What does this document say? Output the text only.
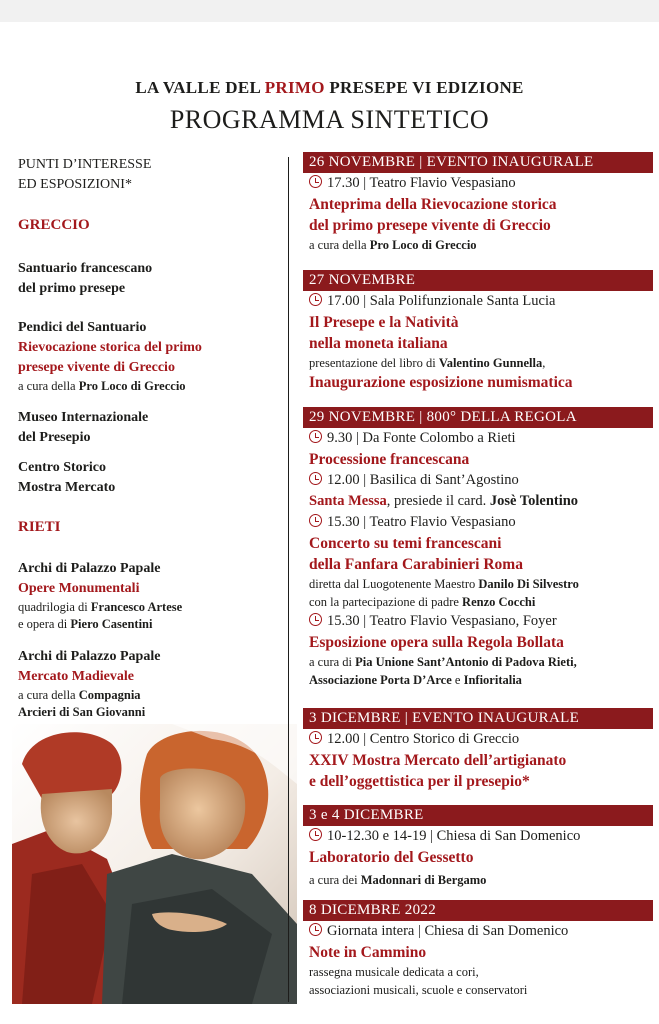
LA VALLE DEL PRIMO PRESEPE VI EDIZIONE
PROGRAMMA SINTETICO
PUNTI D’INTERESSE
ED ESPOSIZIONI*
GRECCIO
Santuario francescano
del primo presepe
Pendici del Santuario
Rievocazione storica del primo
presepe vivente di Greccio
a cura della Pro Loco di Greccio
Museo Internazionale
del Presepio
Centro Storico
Mostra Mercato
RIETI
Archi di Palazzo Papale
Opere Monumentali
quadrilogia di Francesco Artese
e opera di Piero Casentini
Archi di Palazzo Papale
Mercato Madievale
a cura della Compagnia
Arcieri di San Giovanni
26 NOVEMBRE | EVENTO INAUGURALE
17.30 | Teatro Flavio Vespasiano
Anteprima della Rievocazione storica
del primo presepe vivente di Greccio
a cura della Pro Loco di Greccio
27 NOVEMBRE
17.00 | Sala Polifunzionale Santa Lucia
Il Presepe e la Natività
nella moneta italiana
presentazione del libro di Valentino Gunnella,
Inaugurazione esposizione numismatica
29 NOVEMBRE | 800° DELLA REGOLA
9.30 | Da Fonte Colombo a Rieti
Processione francescana
12.00 | Basilica di Sant’Agostino
Santa Messa, presiede il card. Josè Tolentino
15.30 | Teatro Flavio Vespasiano
Concerto su temi francescani
della Fanfara Carabinieri Roma
diretta dal Luogotenente Maestro Danilo Di Silvestro
con la partecipazione di padre Renzo Cocchi
15.30 | Teatro Flavio Vespasiano, Foyer
Esposizione opera sulla Regola Bollata
a cura di Pia Unione Sant’Antonio di Padova Rieti,
Associazione Porta D’Arce e Infioritalia
3 DICEMBRE | EVENTO INAUGURALE
12.00 | Centro Storico di Greccio
XXIV Mostra Mercato dell’artigianato
e dell’oggettistica per il presepio*
3 e 4 DICEMBRE
10-12.30 e 14-19 | Chiesa di San Domenico
Laboratorio del Gessetto
a cura dei Madonnari di Bergamo
8 DICEMBRE 2022
Giornata intera | Chiesa di San Domenico
Note in Cammino
rassegna musicale dedicata a cori,
associazioni musicali, scuole e conservatori
